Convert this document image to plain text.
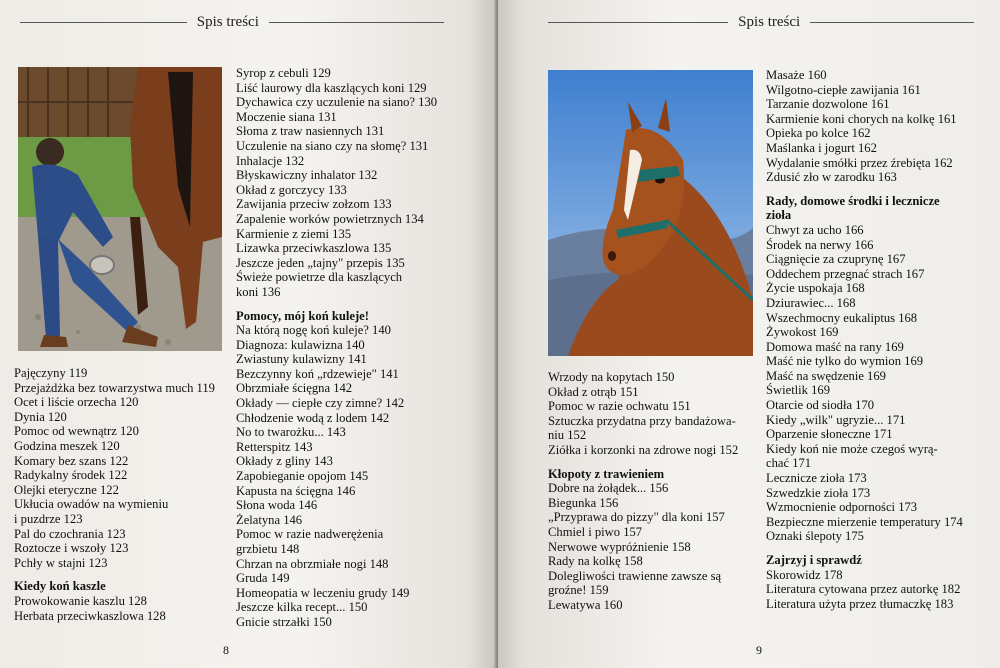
Spis treści
Pajęczyny 119
Przejażdżka bez towarzystwa much 119
Ocet i liście orzecha 120
Dynia 120
Pomoc od wewnątrz 120
Godzina meszek 120
Komary bez szans 122
Radykalny środek 122
Olejki eteryczne 122
Ukłucia owadów na wymieniu
i puzdrze 123
Pal do czochrania 123
Roztocze i wszoły 123
Pchły w stajni 123
Kiedy koń kaszle
Prowokowanie kaszlu 128
Herbata przeciwkaszlowa 128
Syrop z cebuli 129
Liść laurowy dla kaszlących koni 129
Dychawica czy uczulenie na siano? 130
Moczenie siana 131
Słoma z traw nasiennych 131
Uczulenie na siano czy na słomę? 131
Inhalacje 132
Błyskawiczny inhalator 132
Okład z gorczycy 133
Zawijania przeciw zołzom 133
Zapalenie worków powietrznych 134
Karmienie z ziemi 135
Lizawka przeciwkaszlowa 135
Jeszcze jeden „tajny" przepis 135
Świeże powietrze dla kaszlących
koni 136
Pomocy, mój koń kuleje!
Na którą nogę koń kuleje? 140
Diagnoza: kulawizna 140
Zwiastuny kulawizny 141
Bezczynny koń „rdzewieje" 141
Obrzmiałe ścięgna 142
Okłady — ciepłe czy zimne? 142
Chłodzenie wodą z lodem 142
No to twarożku... 143
Retterspitz 143
Okłady z gliny 143
Zapobieganie opojom 145
Kapusta na ścięgna 146
Słona woda 146
Żelatyna 146
Pomoc w razie nadwerężenia
grzbietu 148
Chrzan na obrzmiałe nogi 148
Gruda 149
Homeopatia w leczeniu grudy 149
Jeszcze kilka recept... 150
Gnicie strzałki 150
8
Spis treści
Wrzody na kopytach 150
Okład z otrąb 151
Pomoc w razie ochwatu 151
Sztuczka przydatna przy bandażowa-
niu 152
Ziółka i korzonki na zdrowe nogi 152
Kłopoty z trawieniem
Dobre na żołądek... 156
Biegunka 156
„Przyprawa do pizzy" dla koni 157
Chmiel i piwo 157
Nerwowe wypróżnienie 158
Rady na kolkę 158
Dolegliwości trawienne zawsze są
groźne! 159
Lewatywa 160
Masaże 160
Wilgotno-ciepłe zawijania 161
Tarzanie dozwolone 161
Karmienie koni chorych na kolkę 161
Opieka po kolce 162
Maślanka i jogurt 162
Wydalanie smółki przez źrebięta 162
Zdusić zło w zarodku 163
Rady, domowe środki i lecznicze
zioła
Chwyt za ucho 166
Środek na nerwy 166
Ciągnięcie za czuprynę 167
Oddechem przegnać strach 167
Życie uspokaja 168
Dziurawiec... 168
Wszechmocny eukaliptus 168
Żywokost 169
Domowa maść na rany 169
Maść nie tylko do wymion 169
Maść na swędzenie 169
Świetlik 169
Otarcie od siodła 170
Kiedy „wilk" ugryzie... 171
Oparzenie słoneczne 171
Kiedy koń nie może czegoś wyrą-
chać 171
Lecznicze zioła 173
Szwedzkie zioła 173
Wzmocnienie odporności 173
Bezpieczne mierzenie temperatury 174
Oznaki ślepoty 175
Zajrzyj i sprawdź
Skorowidz 178
Literatura cytowana przez autorkę 182
Literatura użyta przez tłumaczkę 183
9
